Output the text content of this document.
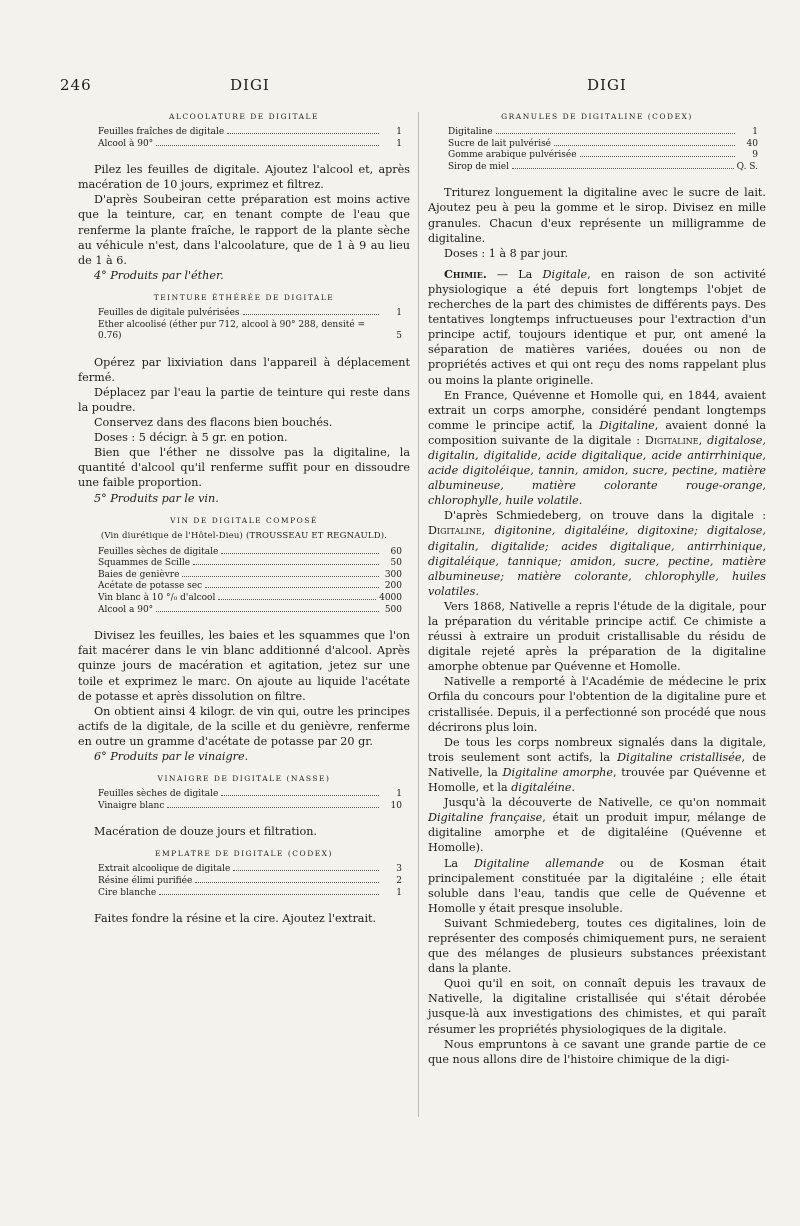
246	DIGI	DIGI
ALCOOLATURE DE DIGITALE
Feuilles fraîches de digitale	1
Alcool à 90°	1

Pilez les feuilles de digitale. Ajoutez l'alcool et, après macération de 10 jours, exprimez et filtrez.

D'après Soubeiran cette préparation est moins active que la teinture, car, en tenant compte de l'eau que renferme la plante fraîche, le rapport de la plante sèche au véhicule n'est, dans l'alcoolature, que de 1 à 9 au lieu de 1 à 6.

4° Produits par l'éther.
TEINTURE ÉTHÉRÉE DE DIGITALE
Feuilles de digitale pulvérisées	1
Ether alcoolisé (éther pur 712, alcool à 90° 288, densité = 0.76)	5

Opérez par lixiviation dans l'appareil à déplacement fermé.

Déplacez par l'eau la partie de teinture qui reste dans la poudre.

Conservez dans des flacons bien bouchés.

Doses : 5 décigr. à 5 gr. en potion.

Bien que l'éther ne dissolve pas la digitaline, la quantité d'alcool qu'il renferme suffit pour en dissoudre une faible proportion.

5° Produits par le vin.
VIN DE DIGITALE COMPOSÉ
(Vin diurétique de l'Hôtel-Dieu) (TROUSSEAU ET REGNAULD).
Feuilles sèches de digitale	60
Squammes de Scille	50
Baies de genièvre	300
Acétate de potasse sec	200
Vin blanc à 10 °/₀ d'alcool	4000
Alcool a 90°	500

Divisez les feuilles, les baies et les squammes que l'on fait macérer dans le vin blanc additionné d'alcool. Après quinze jours de macération et agitation, jetez sur une toile et exprimez le marc. On ajoute au liquide l'acétate de potasse et après dissolution on filtre.

On obtient ainsi 4 kilogr. de vin qui, outre les principes actifs de la digitale, de la scille et du genièvre, renferme en outre un gramme d'acétate de potasse par 20 gr.

6° Produits par le vinaigre.
VINAIGRE DE DIGITALE (NASSE)
Feuilles sèches de digitale	1
Vinaigre blanc	10

Macération de douze jours et filtration.

EMPLATRE DE DIGITALE (CODEX)
Extrait alcoolique de digitale	3
Résine élimi purifiée	2
Cire blanche	1

Faites fondre la résine et la cire. Ajoutez l'extrait.

GRANULES DE DIGITALINE (CODEX)
Digitaline	1
Sucre de lait pulvérisé	40
Gomme arabique pulvérisée	9
Sirop de miel	Q. S.

Triturez longuement la digitaline avec le sucre de lait. Ajoutez peu à peu la gomme et le sirop. Divisez en mille granules. Chacun d'eux représente un milligramme de digitaline.

Doses : 1 à 8 par jour.

Chimie. — La Digitale, en raison de son activité physiologique a été depuis fort longtemps l'objet de recherches de la part des chimistes de différents pays. Des tentatives longtemps infructueuses pour l'extraction d'un principe actif, toujours identique et pur, ont amené la séparation de matières variées, douées ou non de propriétés actives et qui ont reçu des noms rappelant plus ou moins la plante originelle.

En France, Quévenne et Homolle qui, en 1844, avaient extrait un corps amorphe, considéré pendant longtemps comme le principe actif, la Digitaline, avaient donné la composition suivante de la digitale : Digitaline, digitalose, digitalin, digitalide, acide digitalique, acide antirrhinique, acide digitoléique, tannin, amidon, sucre, pectine, matière albumineuse, matière colorante rouge-orange, chlorophylle, huile volatile.

D'après Schmiedeberg, on trouve dans la digitale : Digitaline, digitonine, digitaléine, digitoxine; digitalose, digitalin, digitalide; acides digitalique, antirrhinique, digitaléique, tannique; amidon, sucre, pectine, matière albumineuse; matière colorante, chlorophylle, huiles volatiles.

Vers 1868, Nativelle a repris l'étude de la digitale, pour la préparation du véritable principe actif. Ce chimiste a réussi à extraire un produit cristallisable du résidu de digitale rejeté après la préparation de la digitaline amorphe obtenue par Quévenne et Homolle.

Nativelle a remporté à l'Académie de médecine le prix Orfila du concours pour l'obtention de la digitaline pure et cristallisée. Depuis, il a perfectionné son procédé que nous décrirons plus loin.

De tous les corps nombreux signalés dans la digitale, trois seulement sont actifs, la Digitaline cristallisée, de Nativelle, la Digitaline amorphe, trouvée par Quévenne et Homolle, et la digitaléine.

Jusqu'à la découverte de Nativelle, ce qu'on nommait Digitaline française, était un produit impur, mélange de digitaline amorphe et de digitaléine (Quévenne et Homolle).

La Digitaline allemande ou de Kosman était principalement constituée par la digitaléine ; elle était soluble dans l'eau, tandis que celle de Quévenne et Homolle y était presque insoluble.

Suivant Schmiedeberg, toutes ces digitalines, loin de représenter des composés chimiquement purs, ne seraient que des mélanges de plusieurs substances préexistant dans la plante.

Quoi qu'il en soit, on connaît depuis les travaux de Nativelle, la digitaline cristallisée qui s'était dérobée jusque-là aux investigations des chimistes, et qui paraît résumer les propriétés physiologiques de la digitale.

Nous empruntons à ce savant une grande partie de ce que nous allons dire de l'histoire chimique de la digi-
